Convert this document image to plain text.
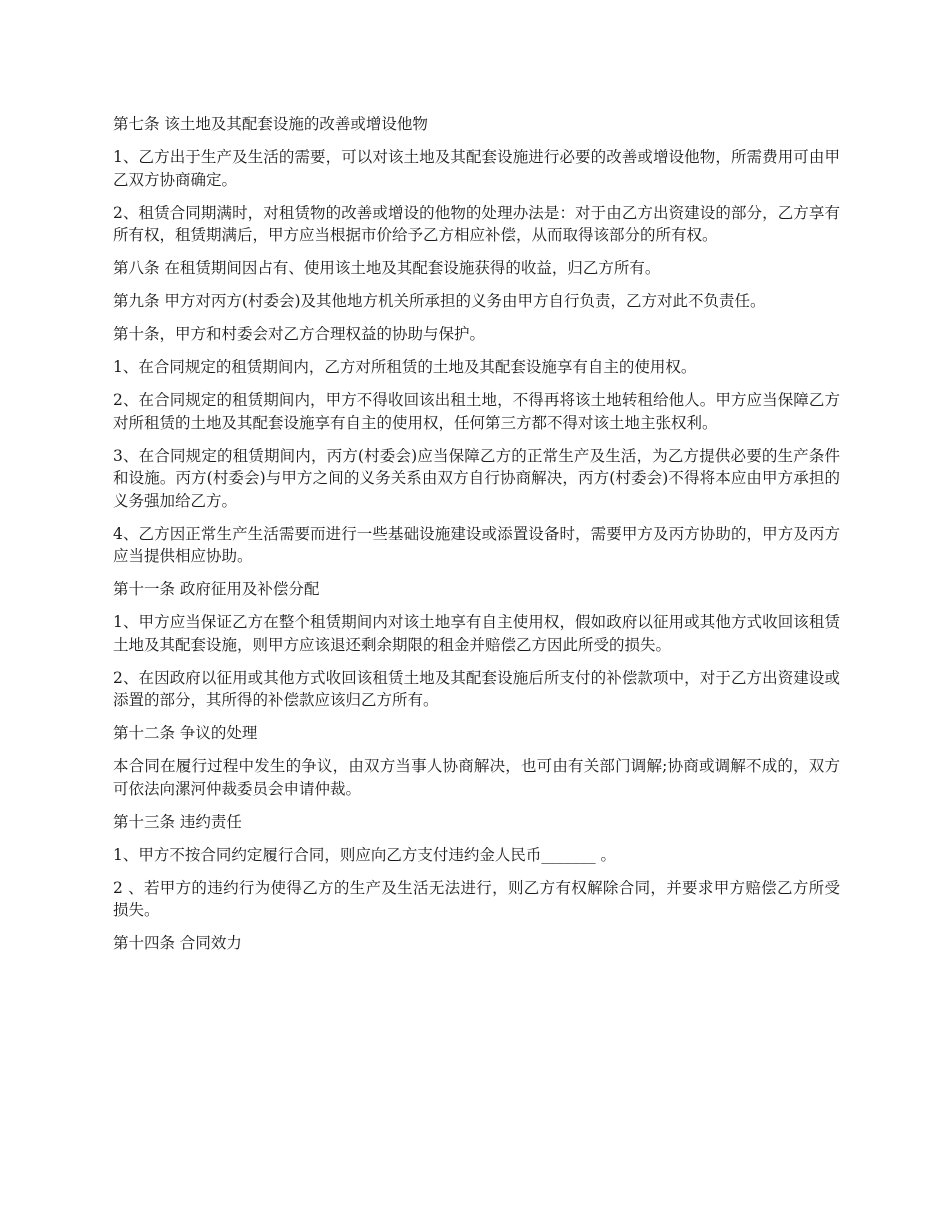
第七条 该土地及其配套设施的改善或增设他物

1、乙方出于生产及生活的需要，可以对该土地及其配套设施进行必要的改善或增设他物，所需费用可由甲乙双方协商确定。

2、租赁合同期满时，对租赁物的改善或增设的他物的处理办法是：对于由乙方出资建设的部分，乙方享有所有权，租赁期满后，甲方应当根据市价给予乙方相应补偿，从而取得该部分的所有权。

第八条 在租赁期间因占有、使用该土地及其配套设施获得的收益，归乙方所有。

第九条 甲方对丙方(村委会)及其他地方机关所承担的义务由甲方自行负责，乙方对此不负责任。

第十条，甲方和村委会对乙方合理权益的协助与保护。

1、在合同规定的租赁期间内，乙方对所租赁的土地及其配套设施享有自主的使用权。

2、在合同规定的租赁期间内，甲方不得收回该出租土地，不得再将该土地转租给他人。甲方应当保障乙方对所租赁的土地及其配套设施享有自主的使用权，任何第三方都不得对该土地主张权利。

3、在合同规定的租赁期间内，丙方(村委会)应当保障乙方的正常生产及生活，为乙方提供必要的生产条件和设施。丙方(村委会)与甲方之间的义务关系由双方自行协商解决，丙方(村委会)不得将本应由甲方承担的义务强加给乙方。

4、乙方因正常生产生活需要而进行一些基础设施建设或添置设备时，需要甲方及丙方协助的，甲方及丙方应当提供相应协助。

第十一条 政府征用及补偿分配

1、甲方应当保证乙方在整个租赁期间内对该土地享有自主使用权，假如政府以征用或其他方式收回该租赁土地及其配套设施，则甲方应该退还剩余期限的租金并赔偿乙方因此所受的损失。

2、在因政府以征用或其他方式收回该租赁土地及其配套设施后所支付的补偿款项中，对于乙方出资建设或添置的部分，其所得的补偿款应该归乙方所有。

第十二条 争议的处理

本合同在履行过程中发生的争议，由双方当事人协商解决，也可由有关部门调解;协商或调解不成的，双方可依法向漯河仲裁委员会申请仲裁。

第十三条 违约责任

1、甲方不按合同约定履行合同，则应向乙方支付违约金人民币_______ 。

2 、若甲方的违约行为使得乙方的生产及生活无法进行，则乙方有权解除合同，并要求甲方赔偿乙方所受损失。

第十四条 合同效力
